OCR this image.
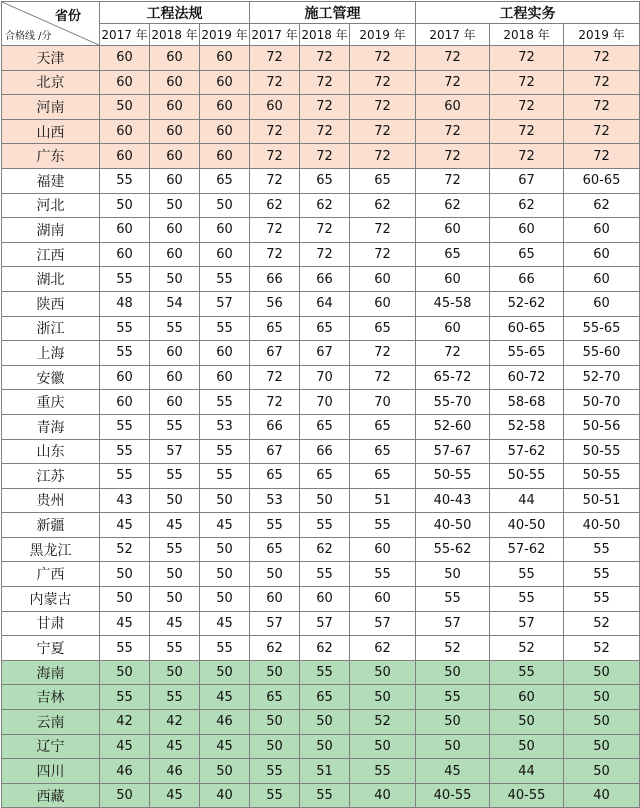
省份
合格线 /分	工程法规			施工管理			工程实务		
	2017 年	2018 年	2019 年	2017 年	2018 年	2019 年	2017 年	2018 年	2019 年
天津	60	60	60	72	72	72	72	72	72
北京	60	60	60	72	72	72	72	72	72
河南	50	60	60	60	72	72	60	72	72
山西	60	60	60	72	72	72	72	72	72
广东	60	60	60	72	72	72	72	72	72
福建	55	60	65	72	65	65	72	67	60-65
河北	50	50	50	62	62	62	62	62	62
湖南	60	60	60	72	72	72	60	60	60
江西	60	60	60	72	72	72	65	65	60
湖北	55	50	55	66	66	60	60	66	60
陕西	48	54	57	56	64	60	45-58	52-62	60
浙江	55	55	55	65	65	65	60	60-65	55-65
上海	55	60	60	67	67	72	72	55-65	55-60
安徽	60	60	60	72	70	72	65-72	60-72	52-70
重庆	60	60	55	72	70	70	55-70	58-68	50-70
青海	55	55	53	66	65	65	52-60	52-58	50-56
山东	55	57	55	67	66	65	57-67	57-62	50-55
江苏	55	55	55	65	65	65	50-55	50-55	50-55
贵州	43	50	50	53	50	51	40-43	44	50-51
新疆	45	45	45	55	55	55	40-50	40-50	40-50
黑龙江	52	55	50	65	62	60	55-62	57-62	55
广西	50	50	50	50	55	55	50	55	55
内蒙古	50	50	50	60	60	60	55	55	55
甘肃	45	45	45	57	57	57	57	57	52
宁夏	55	55	55	62	62	62	52	52	52
海南	50	50	50	50	55	50	50	55	50
吉林	55	55	45	65	65	50	55	60	50
云南	42	42	46	50	50	52	50	50	50
辽宁	45	45	45	50	50	50	50	50	50
四川	46	46	50	55	51	55	45	44	50
西藏	50	45	40	55	55	40	40-55	40-55	40
